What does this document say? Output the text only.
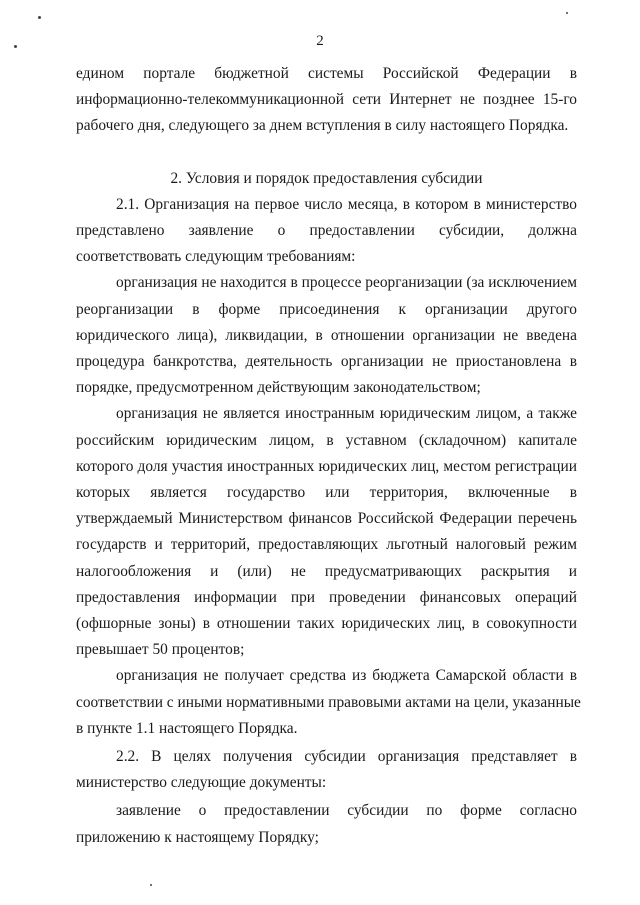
2
едином порталe бюджетной системы Российской Федерации в
информационно-телекоммуникационной сети Интернет не позднее 15-го
рабочего дня, следующего за днем вступления в силу настоящего Порядка.
2. Условия и порядок предоставления субсидии
2.1. Организация на первое число месяца, в котором в министерство
представлено заявление о предоставлении субсидии, должна
соответствовать следующим требованиям:
организация не находится в процессе реорганизации (за исключением
реорганизации в форме присоединения к организации другого
юридического лица), ликвидации, в отношении организации не введена
процедура банкротства, деятельность организации не приостановлена в
порядке, предусмотренном действующим законодательством;
организация не является иностранным юридическим лицом, а также
российским юридическим лицом, в уставном (складочном) капитале
которого доля участия иностранных юридических лиц, местом регистрации
которых является государство или территория, включенные в
утверждаемый Министерством финансов Российской Федерации перечень
государств и территорий, предоставляющих льготный налоговый режим
налогообложения и (или) не предусматривающих раскрытия и
предоставления информации при проведении финансовых операций
(офшорные зоны) в отношении таких юридических лиц, в совокупности
превышает 50 процентов;
организация не получает средства из бюджета Самарской области в
соответствии с иными нормативными правовыми актами на цели, указанные
в пункте 1.1 настоящего Порядка.
2.2. В целях получения субсидии организация представляет в
министерство следующие документы:
заявление о предоставлении субсидии по форме согласно
приложению к настоящему Порядку;
